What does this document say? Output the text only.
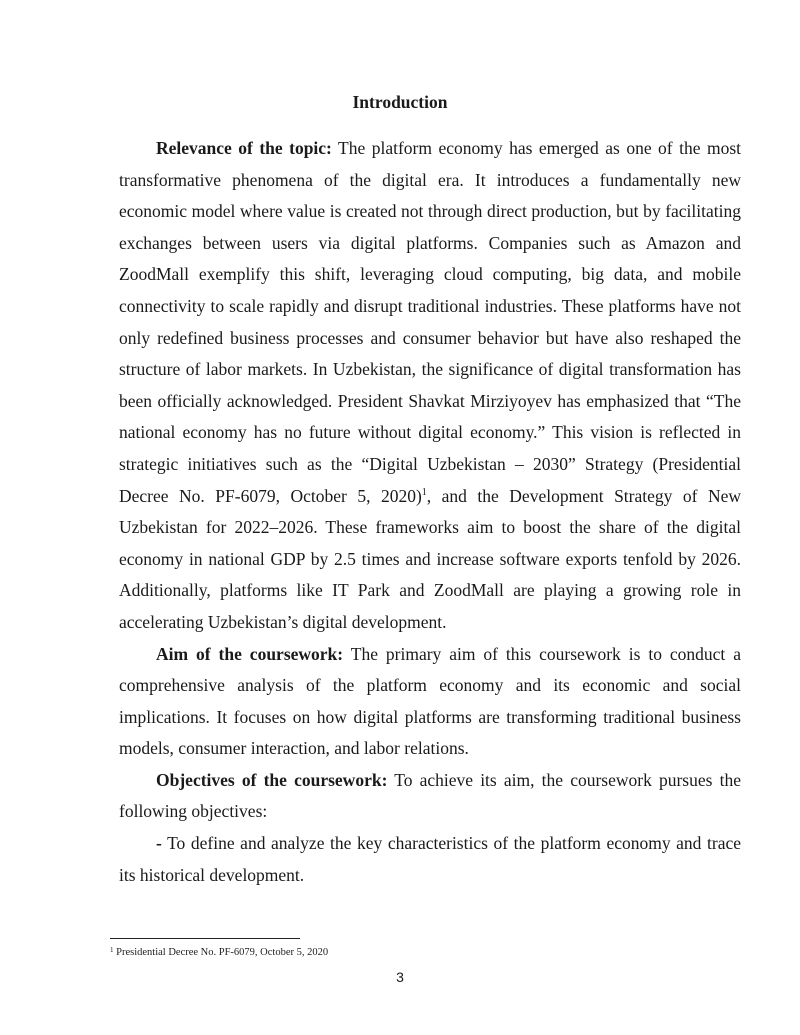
Introduction

Relevance of the topic: The platform economy has emerged as one of the most transformative phenomena of the digital era. It introduces a fundamentally new economic model where value is created not through direct production, but by facilitating exchanges between users via digital platforms. Companies such as Amazon and ZoodMall exemplify this shift, leveraging cloud computing, big data, and mobile connectivity to scale rapidly and disrupt traditional industries. These platforms have not only redefined business processes and consumer behavior but have also reshaped the structure of labor markets. In Uzbekistan, the significance of digital transformation has been officially acknowledged. President Shavkat Mirziyoyev has emphasized that “The national economy has no future without digital economy.” This vision is reflected in strategic initiatives such as the “Digital Uzbekistan – 2030” Strategy (Presidential Decree No. PF-6079, October 5, 2020)$^1$, and the Development Strategy of New Uzbekistan for 2022–2026. These frameworks aim to boost the share of the digital economy in national GDP by 2.5 times and increase software exports tenfold by 2026. Additionally, platforms like IT Park and ZoodMall are playing a growing role in accelerating Uzbekistan’s digital development.

Aim of the coursework: The primary aim of this coursework is to conduct a comprehensive analysis of the platform economy and its economic and social implications. It focuses on how digital platforms are transforming traditional business models, consumer interaction, and labor relations.

Objectives of the coursework: To achieve its aim, the coursework pursues the following objectives:

- To define and analyze the key characteristics of the platform economy and trace its historical development.

$^1$ Presidential Decree No. PF-6079, October 5, 2020
3
